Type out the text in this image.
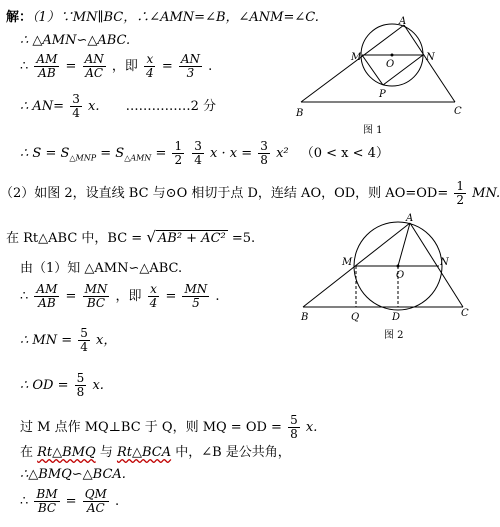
解：（1）∵MN∥BC，∴∠AMN=∠B，∠ANM=∠C.
∴ △AMN∽△ABC.
∴ $\frac{AM}{AB} = \frac{AN}{AC}$ ，即 $\frac{x}{4} = \frac{AN}{3}$ .
∴ $AN= \frac{3}{4} x$. ……………2 分
∴ $S = S_{\triangle MNP} = S_{\triangle AMN} = \frac{1}{2}$
$\frac{3}{4}$ $x \cdot x = \frac{3}{8} x^2$ （0 < x < 4）
（2）如图 2，设直线 BC 与⊙O 相切于点 D，连结 AO，OD，则 $AO=OD= \frac{1}{2}$ MN.
在 Rt△ABC 中，BC = √ AB² + AC² =5.
由（1）知 △AMN∽△ABC.
∴ $\frac{AM}{AB} = \frac{MN}{BC}$ ，即 $\frac{x}{4} = \frac{MN}{5}$ .
∴ MN = $\frac{5}{4}$ x，
∴ OD = $\frac{5}{8} x$.
过 M 点作 MQ⊥BC 于 Q，则 MQ = OD = $\frac{5}{8} x$.
在 Rt△BMQ 与 Rt△BCA 中，∠B 是公共角，
∴△BMQ∽△BCA.
∴ $\frac{BM}{BC} = \frac{QM}{AC}$ .
A
M
O
N
P
B	C
图 1
A
M
O
N
B	Q	D	C
图 2
